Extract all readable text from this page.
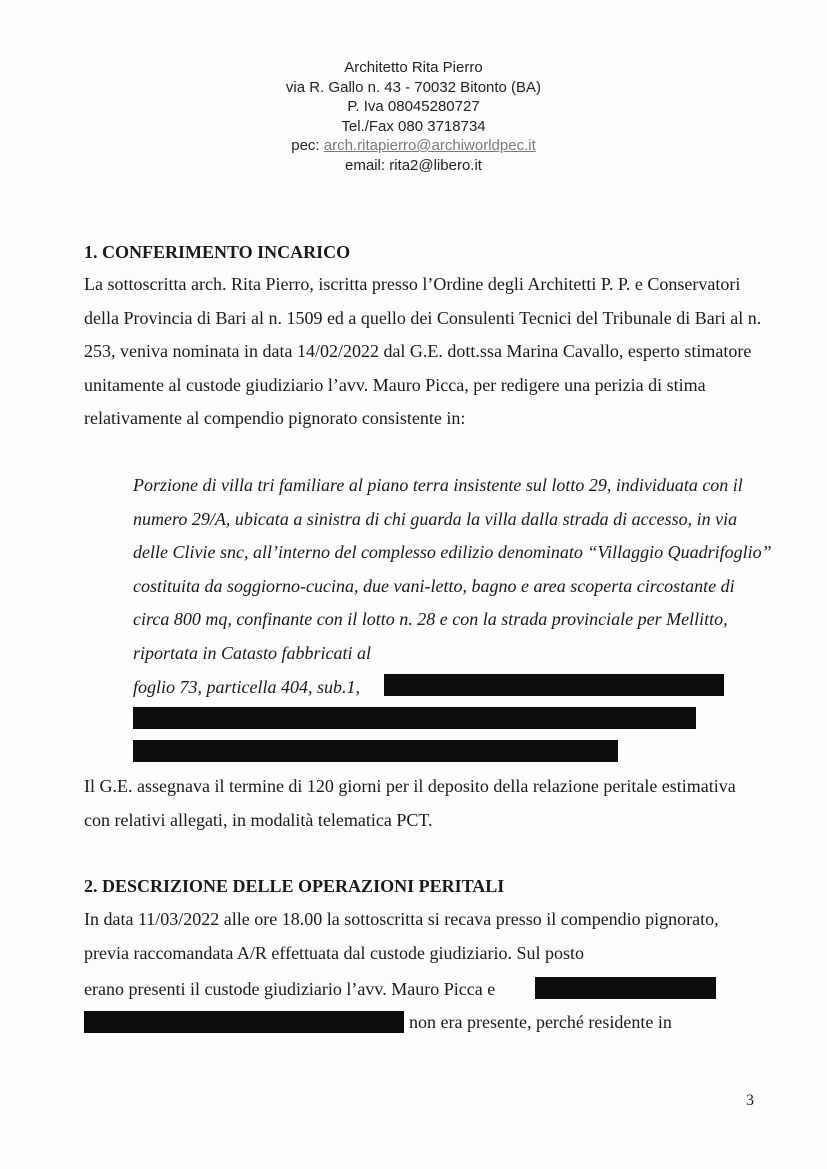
Architetto Rita Pierro
via R. Gallo n. 43 - 70032 Bitonto (BA)
P. Iva 08045280727
Tel./Fax 080 3718734
pec: arch.ritapierro@archiworldpec.it
email: rita2@libero.it
1. CONFERIMENTO INCARICO
La sottoscritta arch. Rita Pierro, iscritta presso l’Ordine degli Architetti P. P. e Conservatori della Provincia di Bari al n. 1509 ed a quello dei Consulenti Tecnici del Tribunale di Bari al n. 253, veniva nominata in data 14/02/2022 dal G.E. dott.ssa Marina Cavallo, esperto stimatore unitamente al custode giudiziario l’avv. Mauro Picca, per redigere una perizia di stima relativamente al compendio pignorato consistente in:
Porzione di villa tri familiare al piano terra insistente sul lotto 29, individuata con il numero 29/A, ubicata a sinistra di chi guarda la villa dalla strada di accesso, in via delle Clivie snc, all’interno del complesso edilizio denominato “Villaggio Quadrifoglio” costituita da soggiorno-cucina, due vani-letto, bagno e area scoperta circostante di circa 800 mq, confinante con il lotto n. 28 e con la strada provinciale per Mellitto, riportata in Catasto fabbricati al
foglio 73, particella 404, sub.1,
Il G.E. assegnava il termine di 120 giorni per il deposito della relazione peritale estimativa con relativi allegati, in modalità telematica PCT.
2. DESCRIZIONE DELLE OPERAZIONI PERITALI
In data 11/03/2022 alle ore 18.00 la sottoscritta si recava presso il compendio pignorato, previa raccomandata A/R effettuata dal custode giudiziario. Sul posto
erano presenti il custode giudiziario l’avv. Mauro Picca e
non era presente, perché residente in
3
